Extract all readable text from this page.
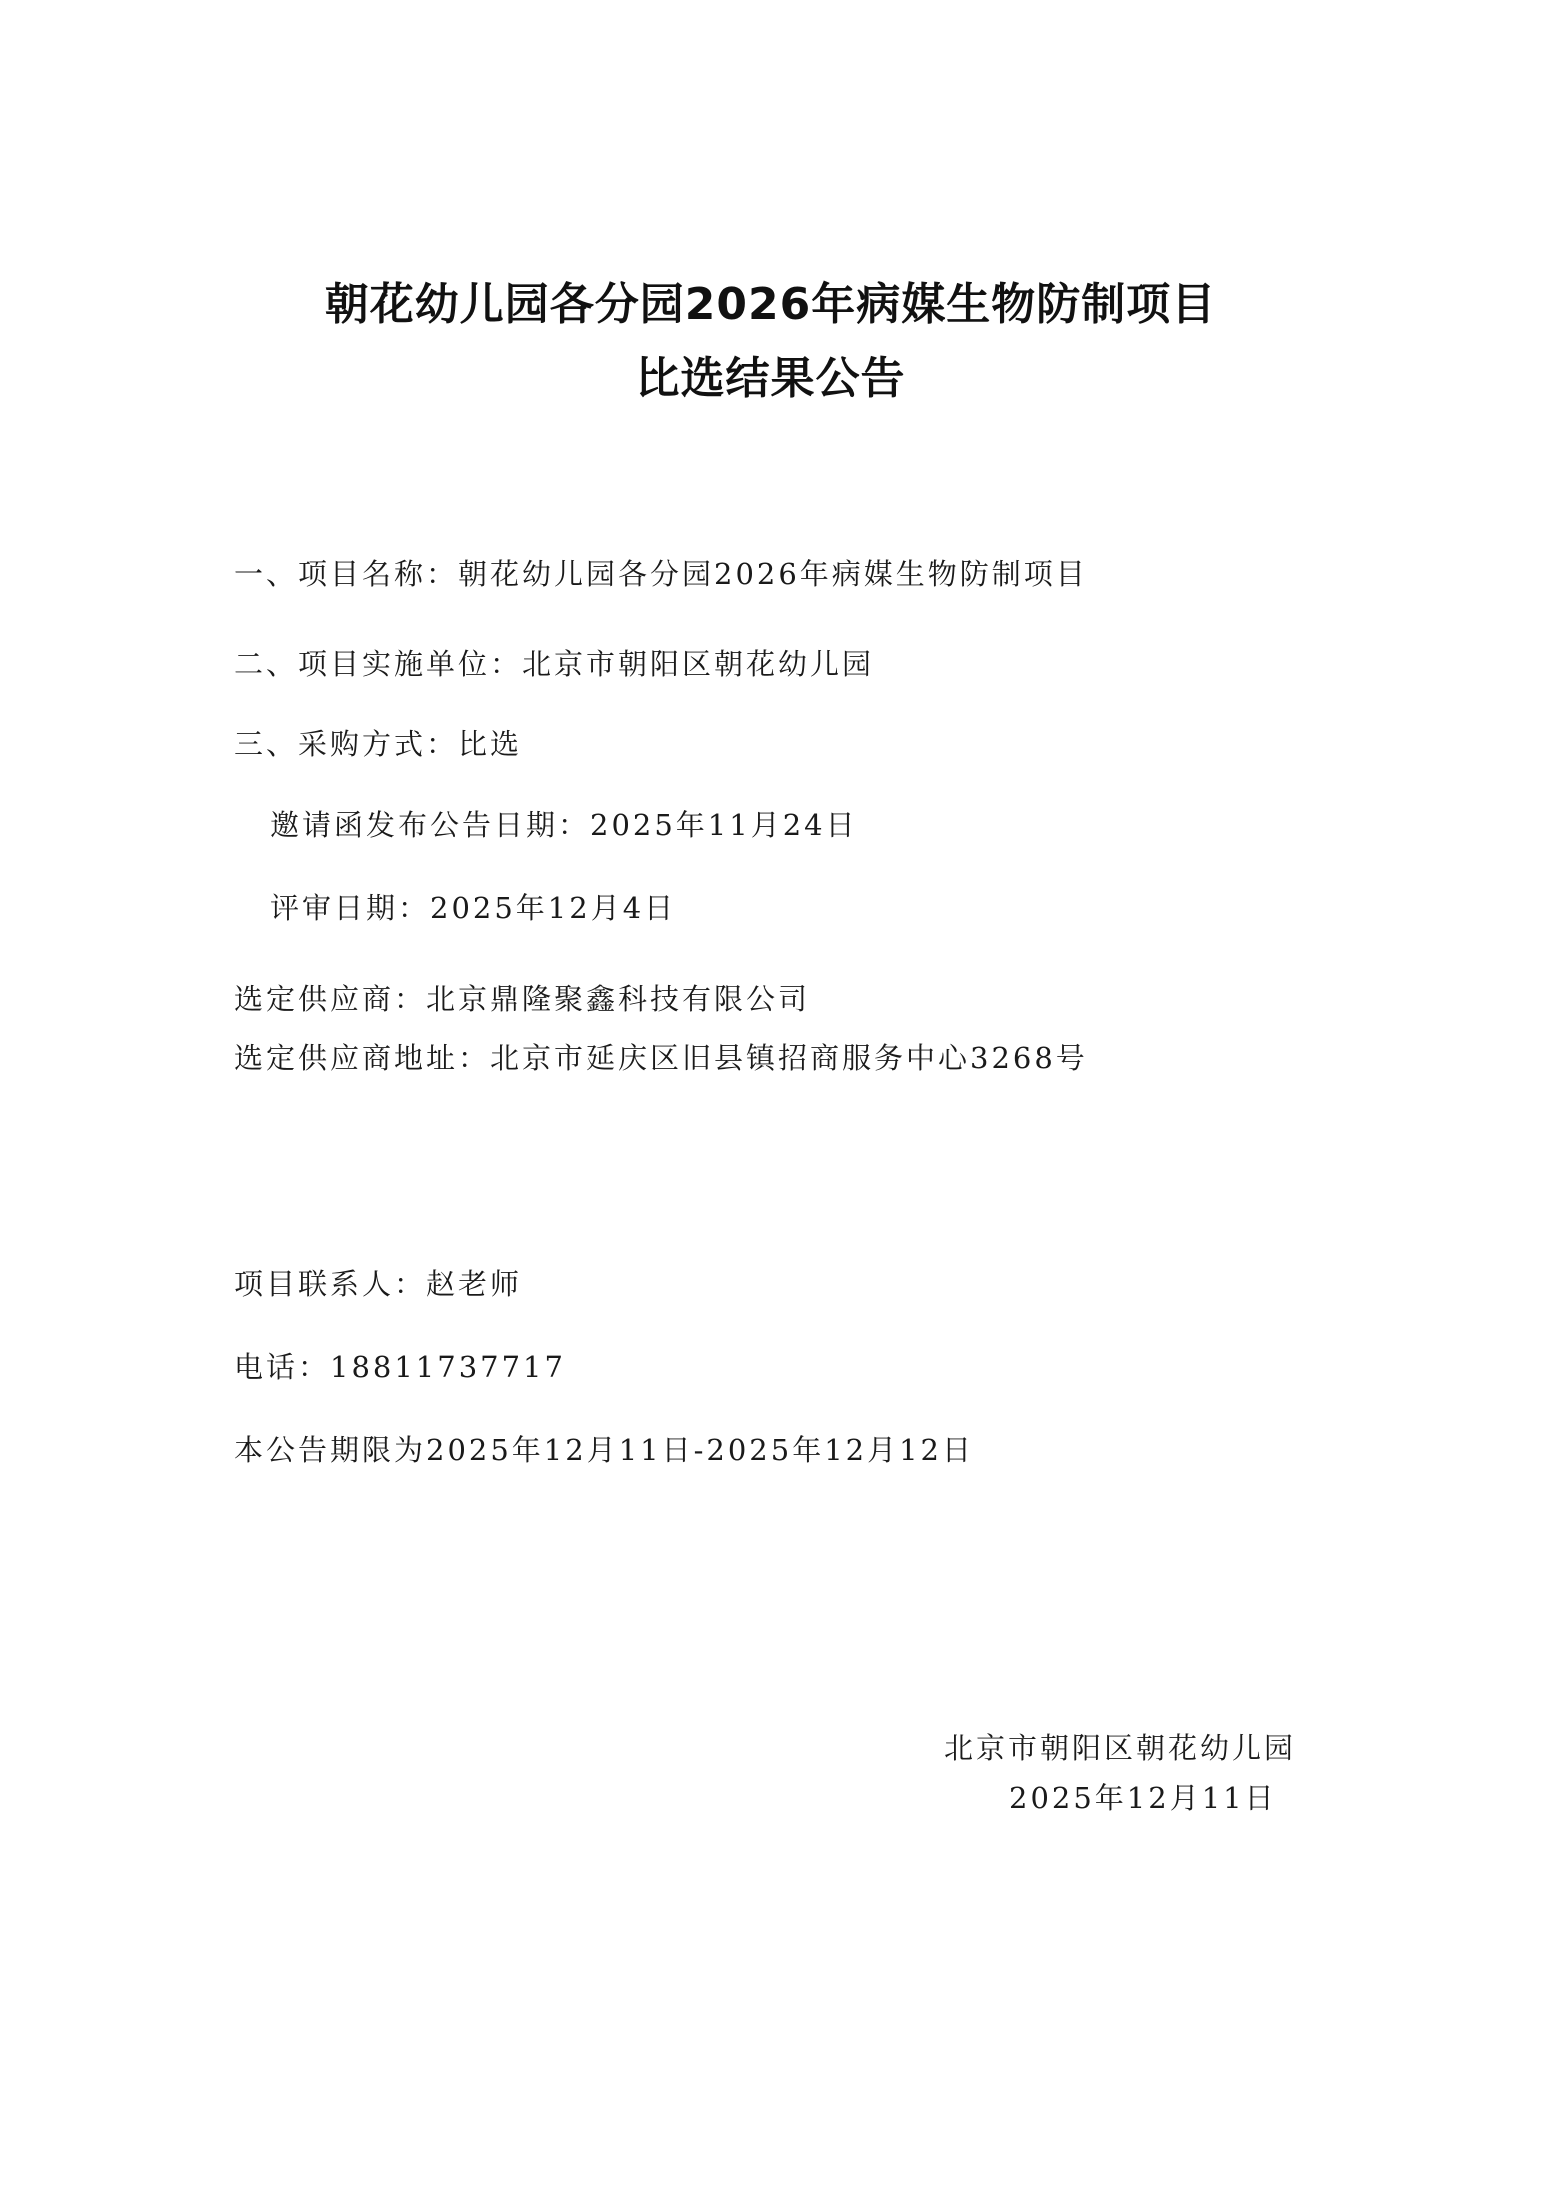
朝花幼儿园各分园2026年病媒生物防制项目
比选结果公告
一、项目名称：朝花幼儿园各分园2026年病媒生物防制项目
二、项目实施单位：北京市朝阳区朝花幼儿园
三、采购方式：比选
邀请函发布公告日期：2025年11月24日
评审日期：2025年12月4日
选定供应商：北京鼎隆聚鑫科技有限公司
选定供应商地址：北京市延庆区旧县镇招商服务中心3268号
项目联系人：赵老师
电话：18811737717
本公告期限为2025年12月11日-2025年12月12日
北京市朝阳区朝花幼儿园
2025年12月11日
